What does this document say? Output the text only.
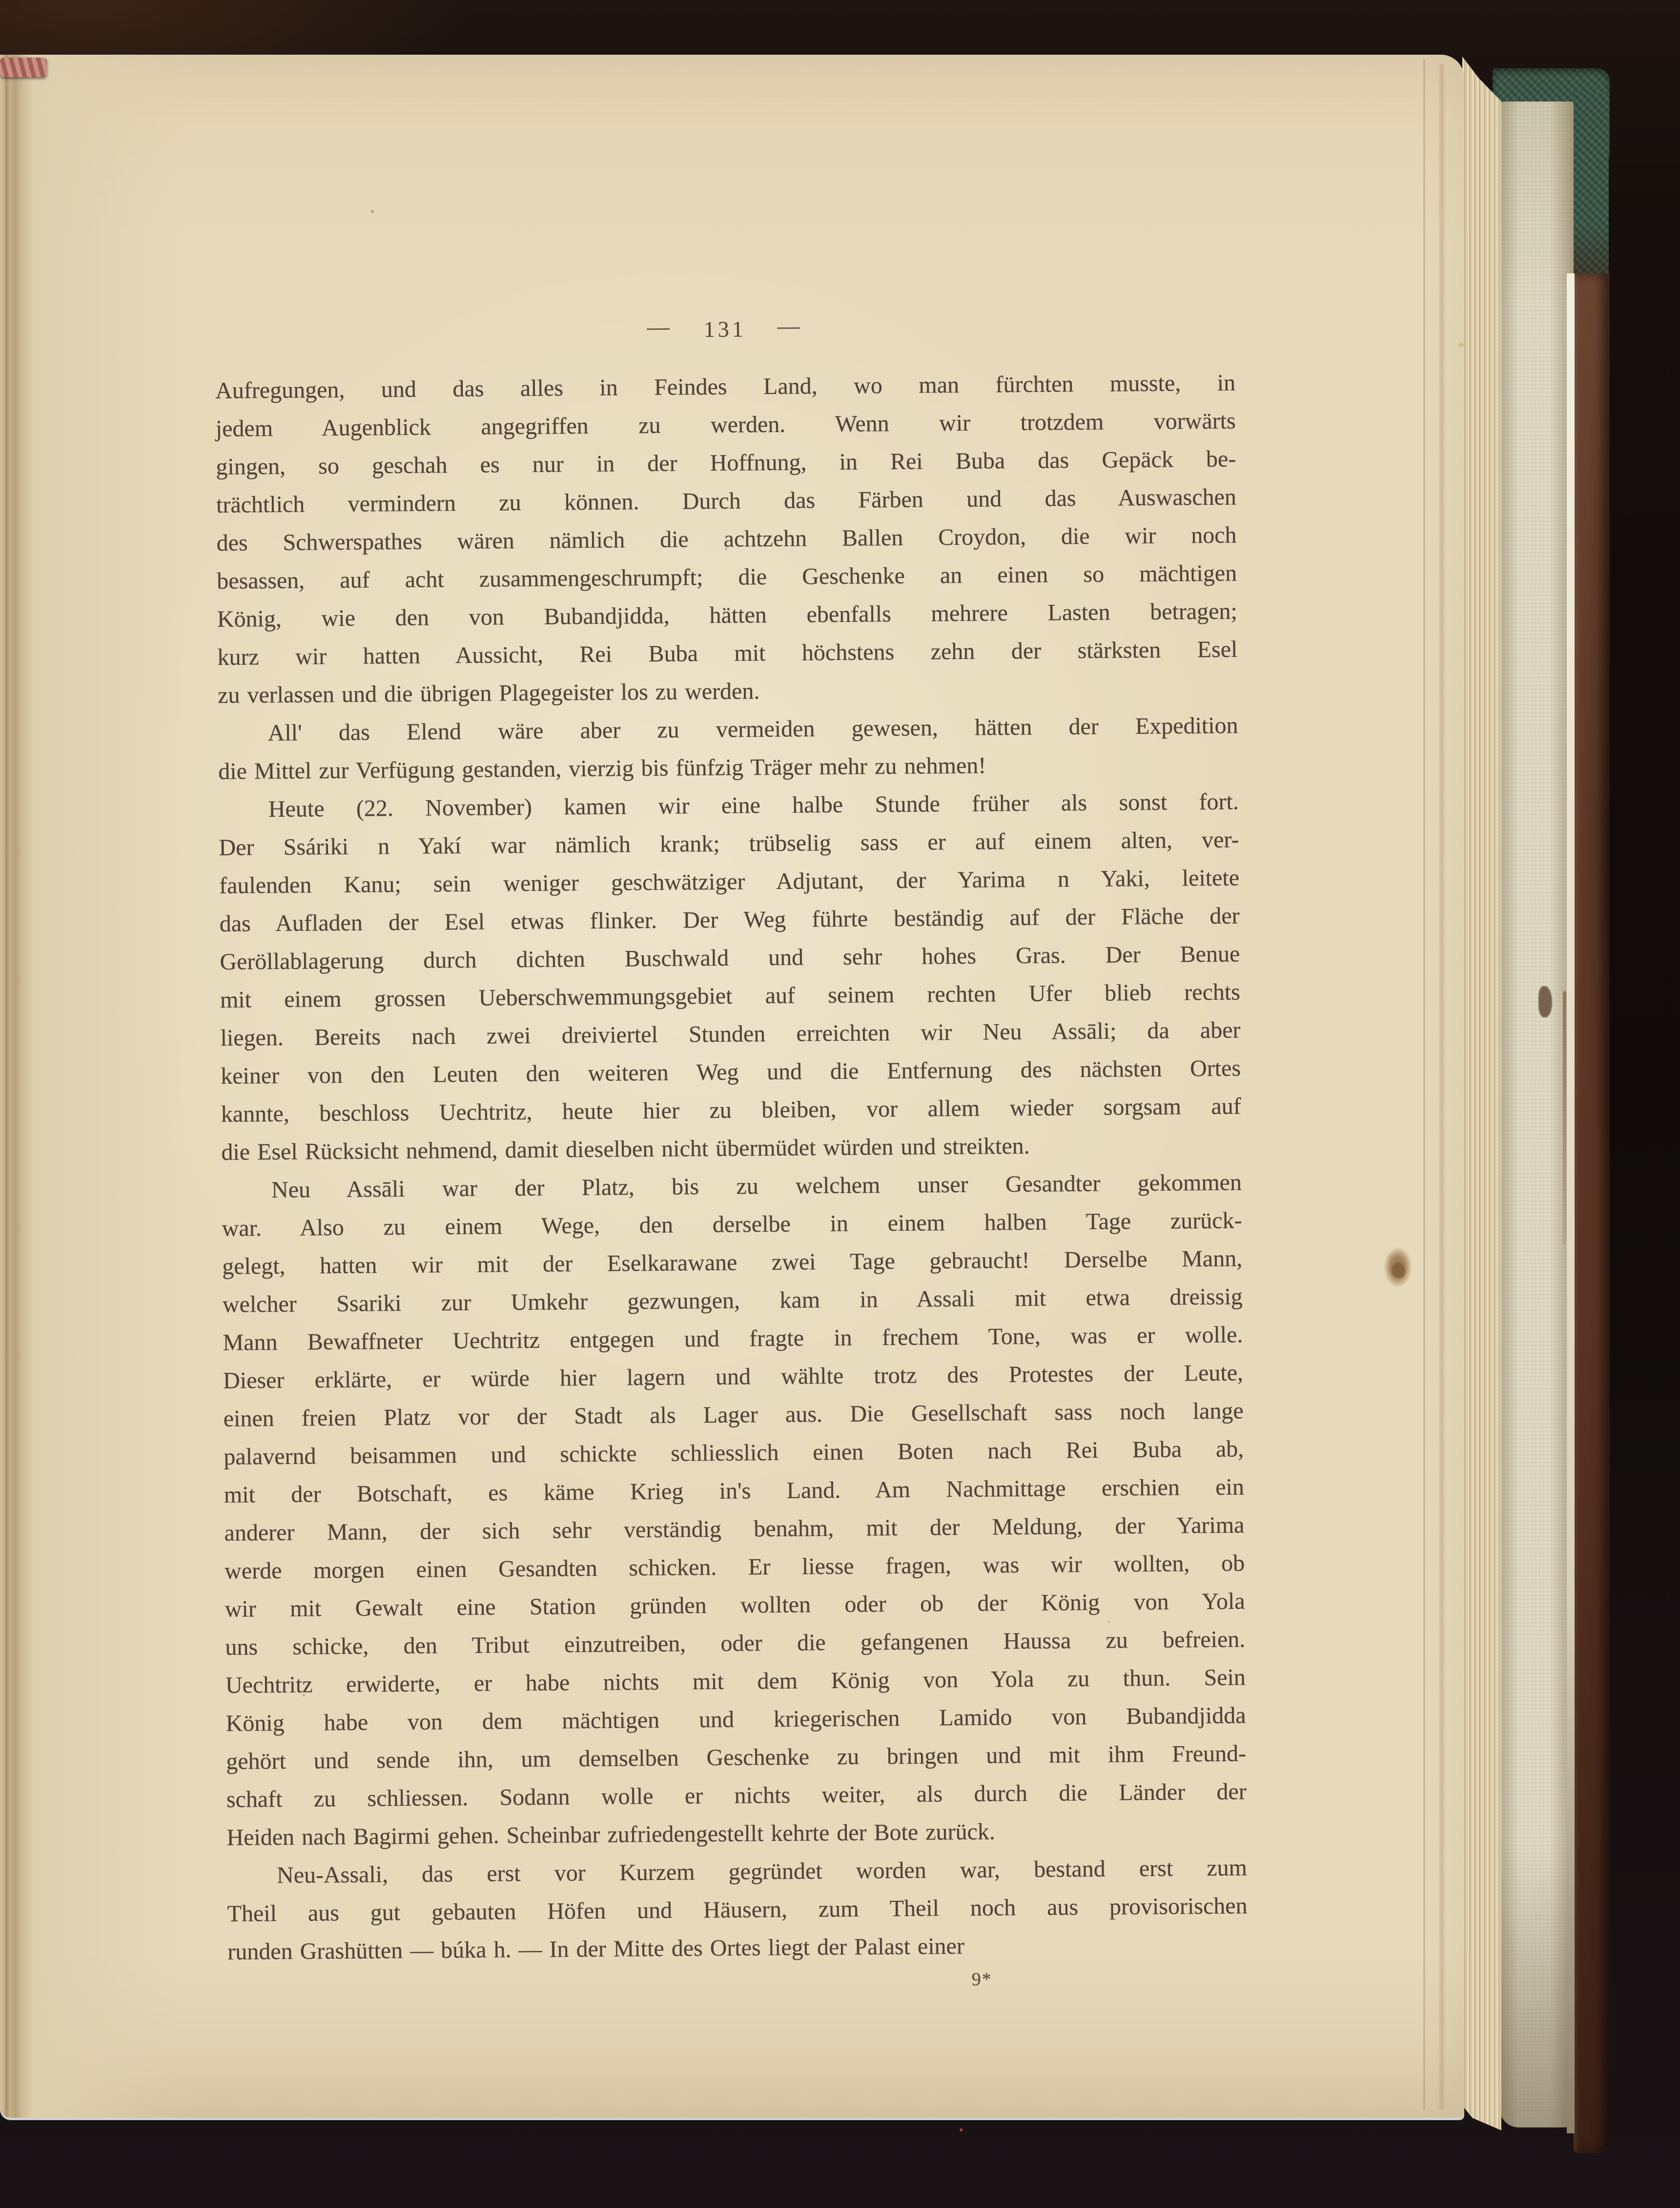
— 131 —
Aufregungen, und das alles in Feindes Land, wo man fürchten musste, in
jedem Augenblick angegriffen zu werden. Wenn wir trotzdem vorwärts
gingen, so geschah es nur in der Hoffnung, in Rei Buba das Gepäck be-
trächtlich vermindern zu können. Durch das Färben und das Auswaschen
des Schwerspathes wären nämlich die achtzehn Ballen Croydon, die wir noch
besassen, auf acht zusammengeschrumpft; die Geschenke an einen so mächtigen
König, wie den von Bubandjidda, hätten ebenfalls mehrere Lasten betragen;
kurz wir hatten Aussicht, Rei Buba mit höchstens zehn der stärksten Esel
zu verlassen und die übrigen Plagegeister los zu werden.
All' das Elend wäre aber zu vermeiden gewesen, hätten der Expedition
die Mittel zur Verfügung gestanden, vierzig bis fünfzig Träger mehr zu nehmen!
Heute (22. November) kamen wir eine halbe Stunde früher als sonst fort.
Der Ssáriki n Yakí war nämlich krank; trübselig sass er auf einem alten, ver-
faulenden Kanu; sein weniger geschwätziger Adjutant, der Yarima n Yaki, leitete
das Aufladen der Esel etwas flinker. Der Weg führte beständig auf der Fläche der
Geröllablagerung durch dichten Buschwald und sehr hohes Gras. Der Benue
mit einem grossen Ueberschwemmungsgebiet auf seinem rechten Ufer blieb rechts
liegen. Bereits nach zwei dreiviertel Stunden erreichten wir Neu Assāli; da aber
keiner von den Leuten den weiteren Weg und die Entfernung des nächsten Ortes
kannte, beschloss Uechtritz, heute hier zu bleiben, vor allem wieder sorgsam auf
die Esel Rücksicht nehmend, damit dieselben nicht übermüdet würden und streikten.
Neu Assāli war der Platz, bis zu welchem unser Gesandter gekommen
war. Also zu einem Wege, den derselbe in einem halben Tage zurück-
gelegt, hatten wir mit der Eselkarawane zwei Tage gebraucht! Derselbe Mann,
welcher Ssariki zur Umkehr gezwungen, kam in Assali mit etwa dreissig
Mann Bewaffneter Uechtritz entgegen und fragte in frechem Tone, was er wolle.
Dieser erklärte, er würde hier lagern und wählte trotz des Protestes der Leute,
einen freien Platz vor der Stadt als Lager aus. Die Gesellschaft sass noch lange
palavernd beisammen und schickte schliesslich einen Boten nach Rei Buba ab,
mit der Botschaft, es käme Krieg in's Land. Am Nachmittage erschien ein
anderer Mann, der sich sehr verständig benahm, mit der Meldung, der Yarima
werde morgen einen Gesandten schicken. Er liesse fragen, was wir wollten, ob
wir mit Gewalt eine Station gründen wollten oder ob der König von Yola
uns schicke, den Tribut einzutreiben, oder die gefangenen Haussa zu befreien.
Uechtritz erwiderte, er habe nichts mit dem König von Yola zu thun. Sein
König habe von dem mächtigen und kriegerischen Lamido von Bubandjidda
gehört und sende ihn, um demselben Geschenke zu bringen und mit ihm Freund-
schaft zu schliessen. Sodann wolle er nichts weiter, als durch die Länder der
Heiden nach Bagirmi gehen. Scheinbar zufriedengestellt kehrte der Bote zurück.
Neu-Assali, das erst vor Kurzem gegründet worden war, bestand erst zum
Theil aus gut gebauten Höfen und Häusern, zum Theil noch aus provisorischen
runden Grashütten — búka h. — In der Mitte des Ortes liegt der Palast einer
9*
